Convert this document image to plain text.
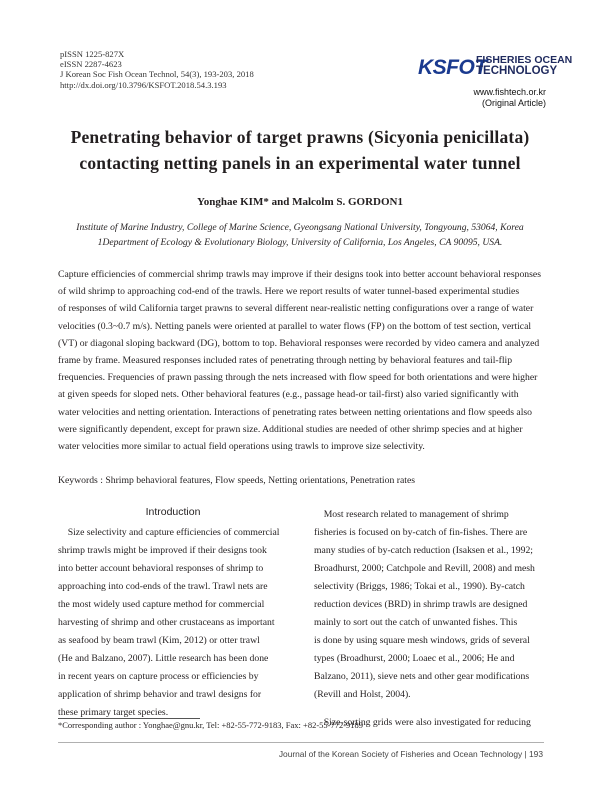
pISSN 1225-827X
eISSN 2287-4623
J Korean Soc Fish Ocean Technol, 54(3), 193-203, 2018
http://dx.doi.org/10.3796/KSFOT.2018.54.3.193
KSFOT
FISHERIES OCEAN
TECHNOLOGY
www.fishtech.or.kr
(Original Article)
Penetrating behavior of target prawns (Sicyonia penicillata)
contacting netting panels in an experimental water tunnel
Yonghae KIM* and Malcolm S. GORDON1
Institute of Marine Industry, College of Marine Science, Gyeongsang National University, Tongyoung, 53064, Korea
1Department of Ecology & Evolutionary Biology, University of California, Los Angeles, CA 90095, USA.
Capture efficiencies of commercial shrimp trawls may improve if their designs took into better account behavioral responses
of wild shrimp to approaching cod-end of the trawls. Here we report results of water tunnel-based experimental studies
of responses of wild California target prawns to several different near-realistic netting configurations over a range of water
velocities (0.3~0.7 m/s). Netting panels were oriented at parallel to water flows (FP) on the bottom of test section, vertical
(VT) or diagonal sloping backward (DG), bottom to top. Behavioral responses were recorded by video camera and analyzed
frame by frame. Measured responses included rates of penetrating through netting by behavioral features and tail-flip
frequencies. Frequencies of prawn passing through the nets increased with flow speed for both orientations and were higher
at given speeds for sloped nets. Other behavioral features (e.g., passage head-or tail-first) also varied significantly with
water velocities and netting orientation. Interactions of penetrating rates between netting orientations and flow speeds also
were significantly dependent, except for prawn size. Additional studies are needed of other shrimp species and at higher
water velocities more similar to actual field operations using trawls to improve size selectivity.
Keywords : Shrimp behavioral features, Flow speeds, Netting orientations, Penetration rates
Introduction
Size selectivity and capture efficiencies of commercial
shrimp trawls might be improved if their designs took
into better account behavioral responses of shrimp to
approaching into cod-ends of the trawl. Trawl nets are
the most widely used capture method for commercial
harvesting of shrimp and other crustaceans as important
as seafood by beam trawl (Kim, 2012) or otter trawl
(He and Balzano, 2007). Little research has been done
in recent years on capture process or efficiencies by
application of shrimp behavior and trawl designs for
these primary target species.
Most research related to management of shrimp
fisheries is focused on by-catch of fin-fishes. There are
many studies of by-catch reduction (Isaksen et al., 1992;
Broadhurst, 2000; Catchpole and Revill, 2008) and mesh
selectivity (Briggs, 1986; Tokai et al., 1990). By-catch
reduction devices (BRD) in shrimp trawls are designed
mainly to sort out the catch of unwanted fishes. This
is done by using square mesh windows, grids of several
types (Broadhurst, 2000; Loaec et al., 2006; He and
Balzano, 2011), sieve nets and other gear modifications
(Revill and Holst, 2004).
Size-sorting grids were also investigated for reducing
*Corresponding author : Yonghae@gnu.kr, Tel: +82-55-772-9183, Fax: +82-55-772-9189
Journal of the Korean Society of Fisheries and Ocean Technology | 193
